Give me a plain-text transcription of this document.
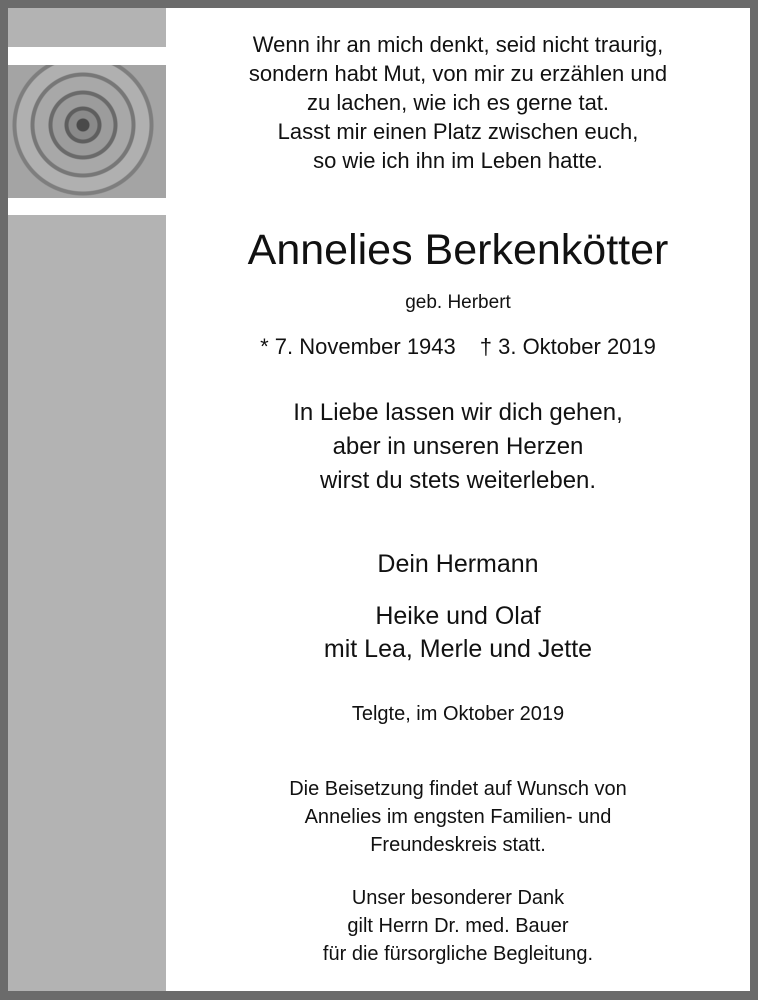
Wenn ihr an mich denkt, seid nicht traurig,
sondern habt Mut, von mir zu erzählen und
zu lachen, wie ich es gerne tat.
Lasst mir einen Platz zwischen euch,
so wie ich ihn im Leben hatte.
Annelies Berkenkötter
geb. Herbert
* 7. November 1943 † 3. Oktober 2019
In Liebe lassen wir dich gehen,
aber in unseren Herzen
wirst du stets weiterleben.
Dein Hermann
Heike und Olaf
mit Lea, Merle und Jette
Telgte, im Oktober 2019
Die Beisetzung findet auf Wunsch von
Annelies im engsten Familien- und
Freundeskreis statt.
Unser besonderer Dank
gilt Herrn Dr. med. Bauer
für die fürsorgliche Begleitung.
